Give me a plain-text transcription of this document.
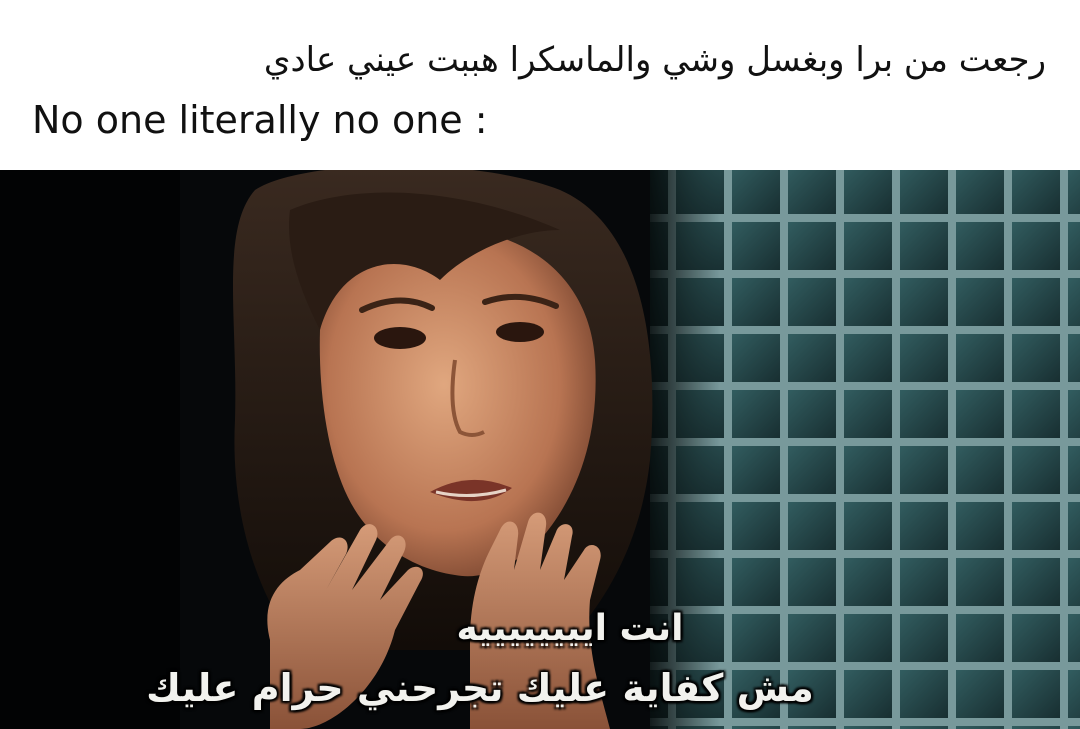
رجعت من برا وبغسل وشي والماسكرا هببت عيني عادي
No one literally no one :
انت اييييييييه
مش كفاية عليك تجرحني حرام عليك
